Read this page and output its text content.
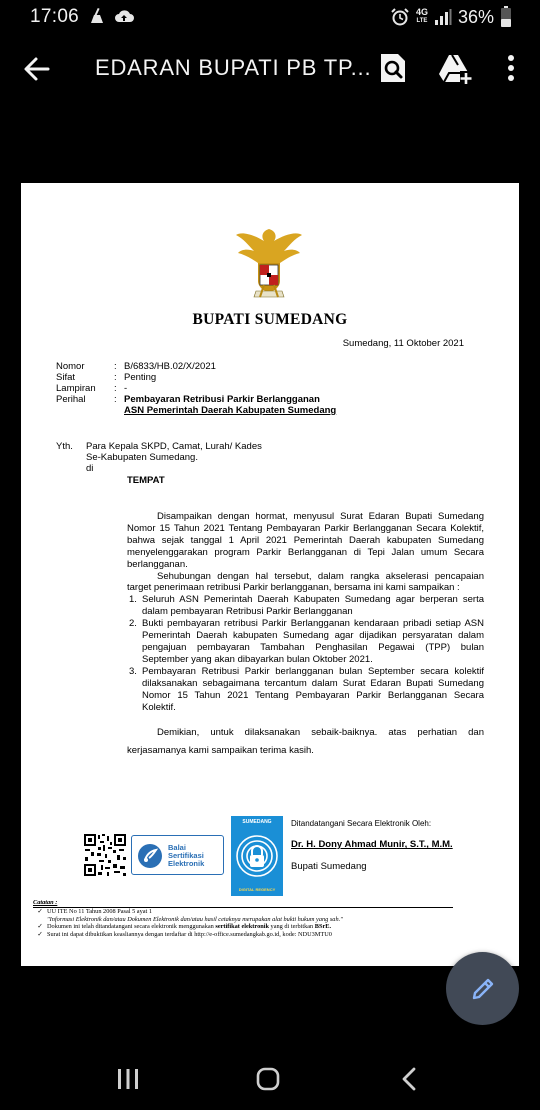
17:06	4G
LTE 36%
EDARAN BUPATI PB TP...
BUPATI SUMEDANG
Sumedang, 11 Oktober 2021
Nomor	: B/6833/HB.02/X/2021
Sifat	: Penting
Lampiran	: -
Perihal	: Pembayaran Retribusi Parkir Berlangganan
ASN Pemerintah Daerah Kabupaten Sumedang
Yth.	Para Kepala SKPD, Camat, Lurah/ Kades
Se-Kabupaten Sumedang.
di
TEMPAT

Disampaikan dengan hormat, menyusul Surat Edaran Bupati Sumedang Nomor 15 Tahun 2021 Tentang Pembayaran Parkir Berlangganan Secara Kolektif, bahwa sejak tanggal 1 April 2021 Pemerintah Daerah kabupaten Sumedang menyelenggarakan program Parkir Berlangganan di Tepi Jalan umum Secara berlangganan.

Sehubungan dengan hal tersebut, dalam rangka akselerasi pencapaian target penerimaan retribusi Parkir berlangganan, bersama ini kami sampaikan :

1. Seluruh ASN Pemerintah Daerah Kabupaten Sumedang agar berperan serta dalam pembayaran Retribusi Parkir Berlangganan
2. Bukti pembayaran retribusi Parkir Berlangganan kendaraan pribadi setiap ASN Pemerintah Daerah kabupaten Sumedang agar dijadikan persyaratan dalam pengajuan pembayaran Tambahan Penghasilan Pegawai (TPP) bulan September yang akan dibayarkan bulan Oktober 2021.
3. Pembayaran Retribusi Parkir berlangganan bulan September secara kolektif dilaksanakan sebagaimana tercantum dalam Surat Edaran Bupati Sumedang Nomor 15 Tahun 2021 Tentang Pembayaran Parkir Berlangganan Secara Kolektif.

Demikian, untuk dilaksanakan sebaik-baiknya. atas perhatian dan kerjasamanya kami sampaikan terima kasih.

Balai
Sertifikasi
Elektronik
SUMEDANG
DIGITAL REGENCY
Ditandatangani Secara Elektronik Oleh:
Dr. H. Dony Ahmad Munir, S.T., M.M.
Bupati Sumedang
Catatan :
✓ UU ITE No 11 Tahun 2008 Pasal 5 ayat 1
"Informasi Elektronik dan/atau Dokumen Elektronik dan/atau hasil cetaknya merupakan alat bukti hukum yang sah."
✓ Dokumen ini telah ditandatangani secara elektronik menggunakan sertifikat elektronik yang di terbitkan BSrE.
✓ Surat ini dapat dibuktikan keasliannya dengan terdaftar di http://e-office.sumedangkab.go.id, kode: NDU3MTU0
